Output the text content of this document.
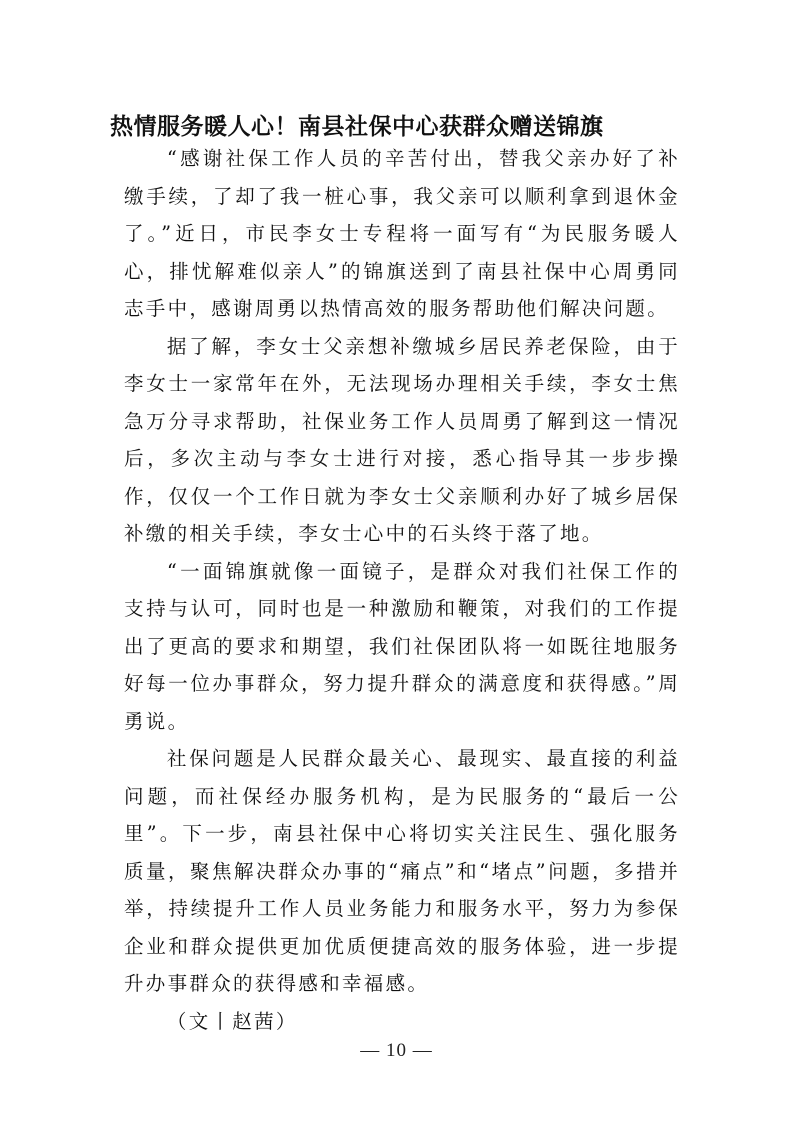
热情服务暖人心！南县社保中心获群众赠送锦旗

“感谢社保工作人员的辛苦付出，替我父亲办好了补缴手续，了却了我一桩心事，我父亲可以顺利拿到退休金了。”近日，市民李女士专程将一面写有“为民服务暖人心，排忧解难似亲人”的锦旗送到了南县社保中心周勇同志手中，感谢周勇以热情高效的服务帮助他们解决问题。

据了解，李女士父亲想补缴城乡居民养老保险，由于李女士一家常年在外，无法现场办理相关手续，李女士焦急万分寻求帮助，社保业务工作人员周勇了解到这一情况后，多次主动与李女士进行对接，悉心指导其一步步操作，仅仅一个工作日就为李女士父亲顺利办好了城乡居保补缴的相关手续，李女士心中的石头终于落了地。

“一面锦旗就像一面镜子，是群众对我们社保工作的支持与认可，同时也是一种激励和鞭策，对我们的工作提出了更高的要求和期望，我们社保团队将一如既往地服务好每一位办事群众，努力提升群众的满意度和获得感。”周勇说。

社保问题是人民群众最关心、最现实、最直接的利益问题，而社保经办服务机构，是为民服务的“最后一公里”。下一步，南县社保中心将切实关注民生、强化服务质量，聚焦解决群众办事的“痛点”和“堵点”问题，多措并举，持续提升工作人员业务能力和服务水平，努力为参保企业和群众提供更加优质便捷高效的服务体验，进一步提升办事群众的获得感和幸福感。

（文丨赵茜）

— 10 —
